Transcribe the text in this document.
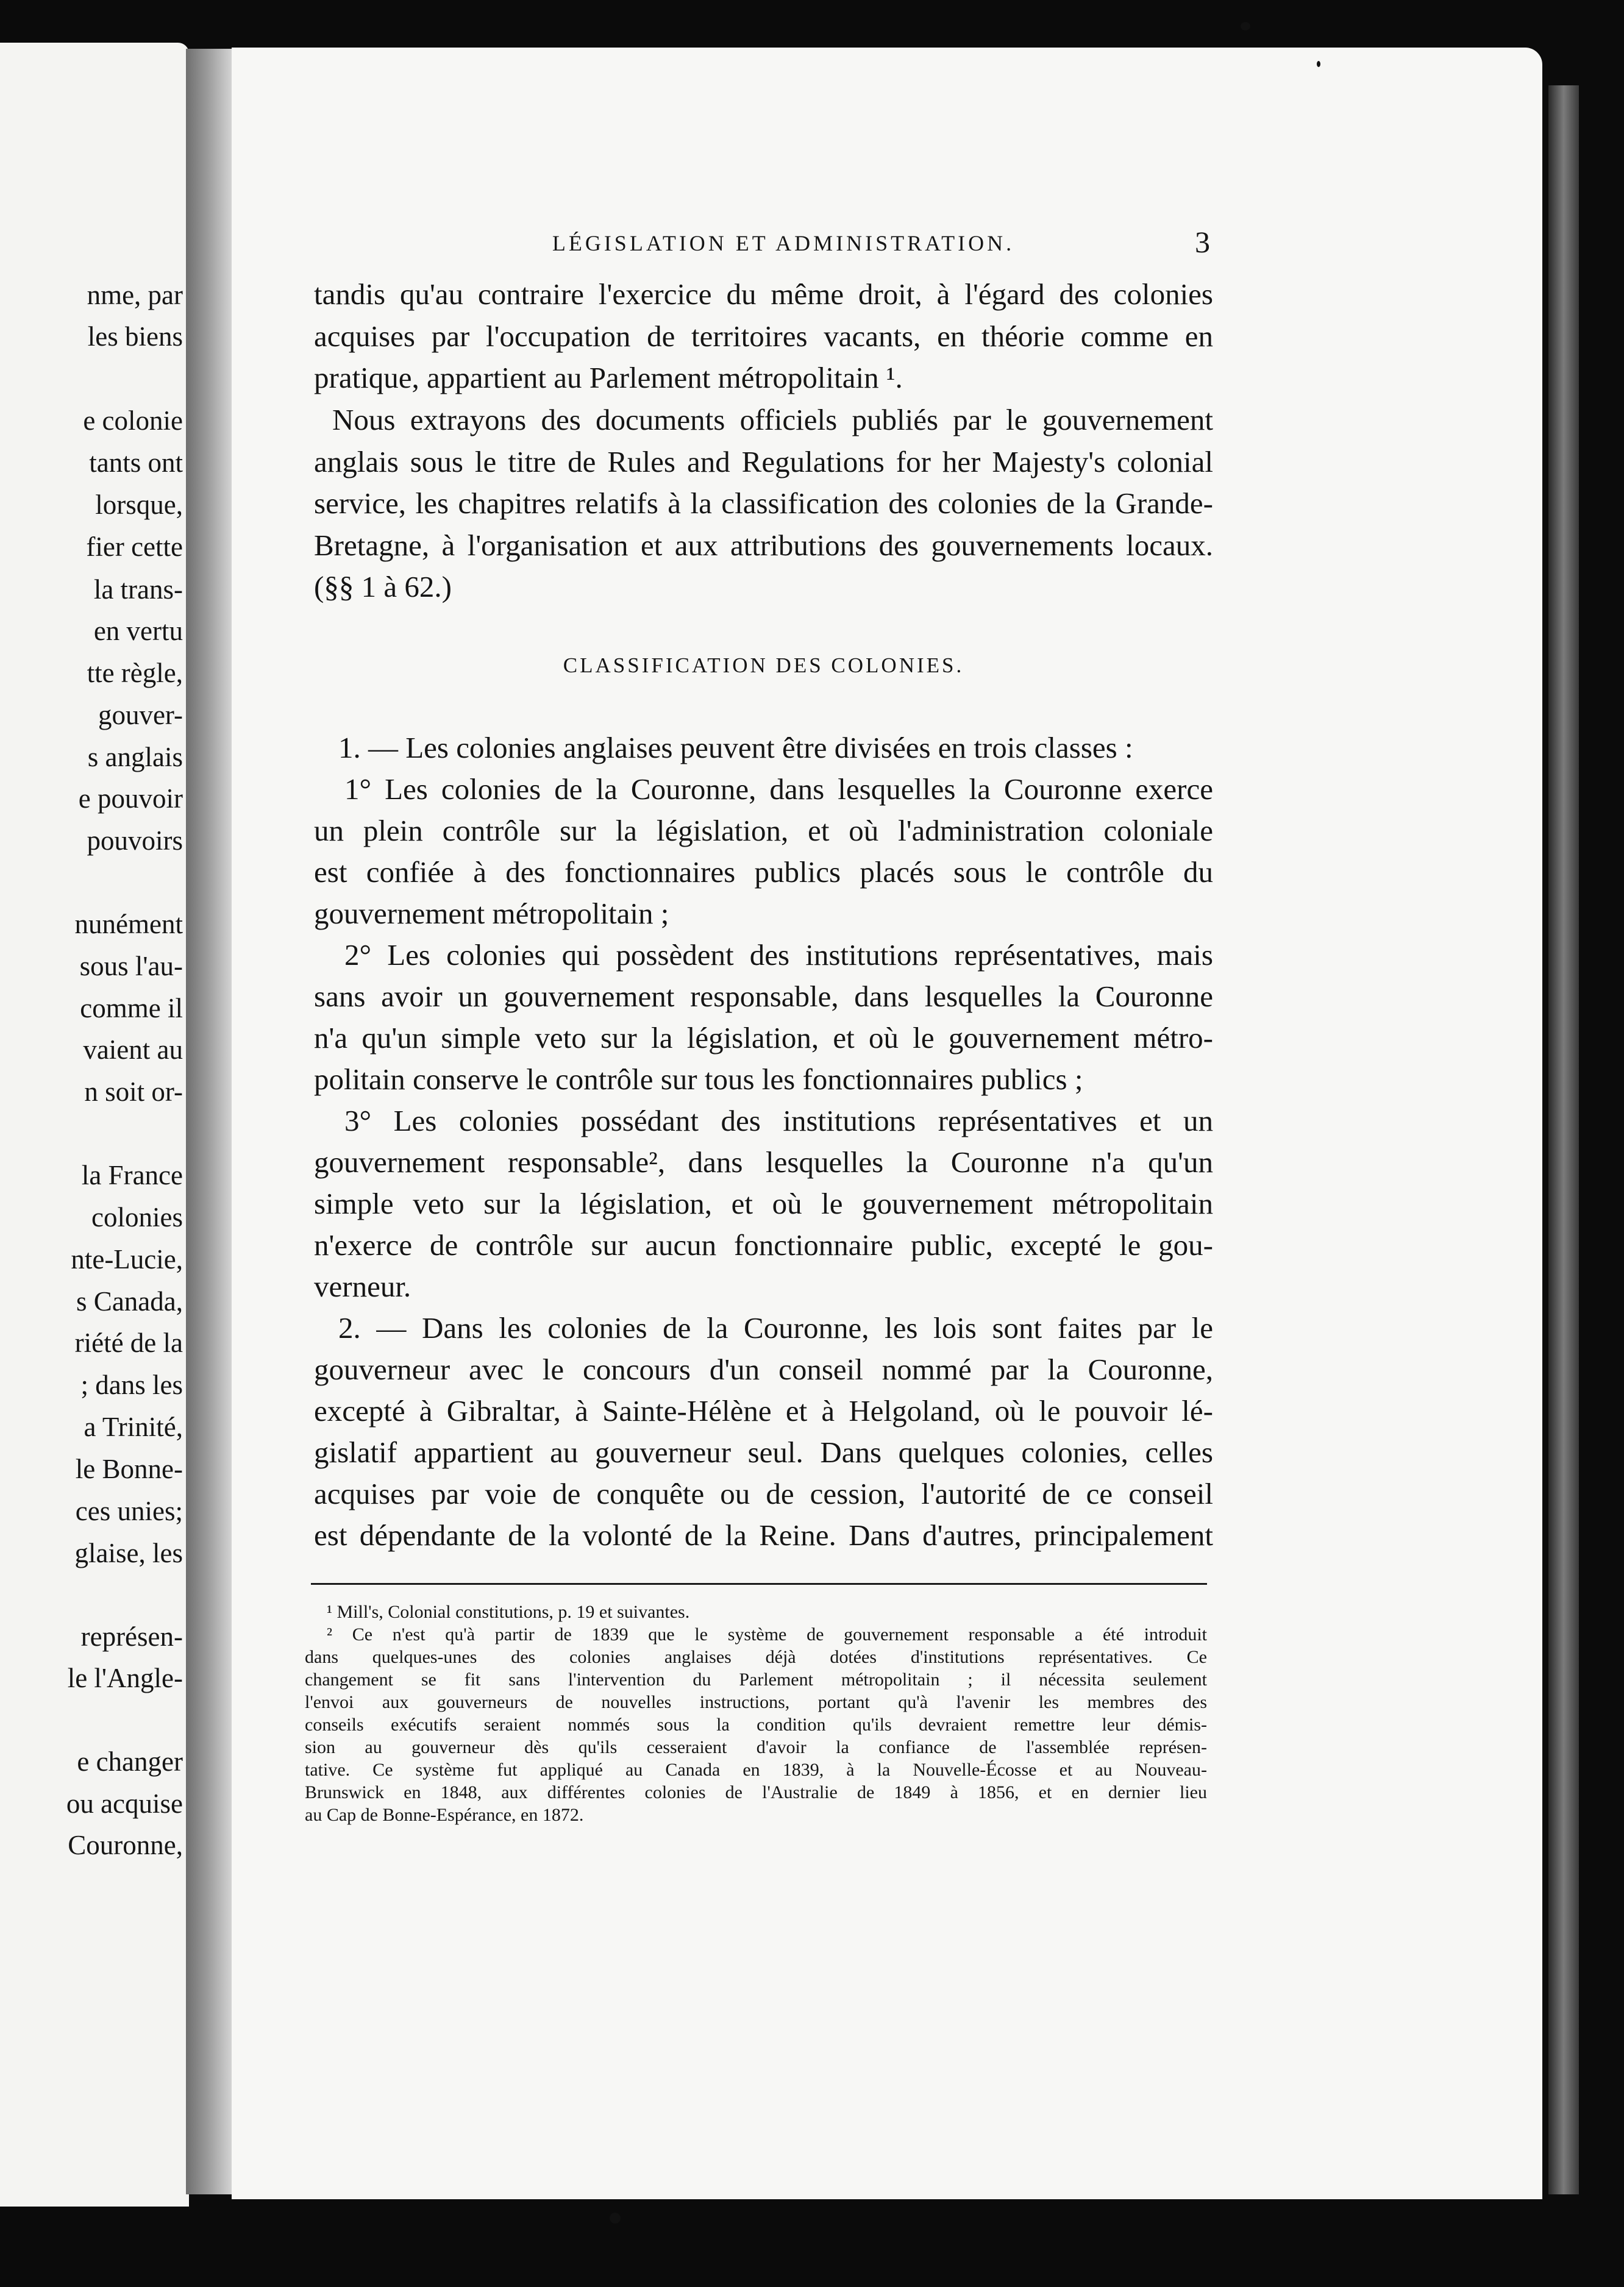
nme, par
les biens
e colonie
tants ont
lorsque,
fier cette
la trans-
en vertu
tte règle,
gouver-
s anglais
e pouvoir
pouvoirs
nunément
sous l'au-
comme il
vaient au
n soit or-
la France
colonies
nte-Lucie,
s Canada,
riété de la
; dans les
a Trinité,
le Bonne-
ces unies;
glaise, les
représen-
le l'Angle-
e changer
ou acquise
Couronne,
LÉGISLATION ET ADMINISTRATION.	3
tandis qu'au contraire l'exercice du même droit, à l'égard des colonies
acquises par l'occupation de territoires vacants, en théorie comme en
pratique, appartient au Parlement métropolitain ¹.
Nous extrayons des documents officiels publiés par le gouvernement
anglais sous le titre de Rules and Regulations for her Majesty's colonial
service, les chapitres relatifs à la classification des colonies de la Grande-
Bretagne, à l'organisation et aux attributions des gouvernements locaux.
(§§ 1 à 62.)
CLASSIFICATION DES COLONIES.
1. — Les colonies anglaises peuvent être divisées en trois classes :
1° Les colonies de la Couronne, dans lesquelles la Couronne exerce
un plein contrôle sur la législation, et où l'administration coloniale
est confiée à des fonctionnaires publics placés sous le contrôle du
gouvernement métropolitain ;
2° Les colonies qui possèdent des institutions représentatives, mais
sans avoir un gouvernement responsable, dans lesquelles la Couronne
n'a qu'un simple veto sur la législation, et où le gouvernement métro-
politain conserve le contrôle sur tous les fonctionnaires publics ;
3° Les colonies possédant des institutions représentatives et un
gouvernement responsable², dans lesquelles la Couronne n'a qu'un
simple veto sur la législation, et où le gouvernement métropolitain
n'exerce de contrôle sur aucun fonctionnaire public, excepté le gou-
verneur.
2. — Dans les colonies de la Couronne, les lois sont faites par le
gouverneur avec le concours d'un conseil nommé par la Couronne,
excepté à Gibraltar, à Sainte-Hélène et à Helgoland, où le pouvoir lé-
gislatif appartient au gouverneur seul. Dans quelques colonies, celles
acquises par voie de conquête ou de cession, l'autorité de ce conseil
est dépendante de la volonté de la Reine. Dans d'autres, principalement
¹ Mill's, Colonial constitutions, p. 19 et suivantes.
² Ce n'est qu'à partir de 1839 que le système de gouvernement responsable a été introduit
dans quelques-unes des colonies anglaises déjà dotées d'institutions représentatives. Ce
changement se fit sans l'intervention du Parlement métropolitain ; il nécessita seulement
l'envoi aux gouverneurs de nouvelles instructions, portant qu'à l'avenir les membres des
conseils exécutifs seraient nommés sous la condition qu'ils devraient remettre leur démis-
sion au gouverneur dès qu'ils cesseraient d'avoir la confiance de l'assemblée représen-
tative. Ce système fut appliqué au Canada en 1839, à la Nouvelle-Écosse et au Nouveau-
Brunswick en 1848, aux différentes colonies de l'Australie de 1849 à 1856, et en dernier lieu
au Cap de Bonne-Espérance, en 1872.
